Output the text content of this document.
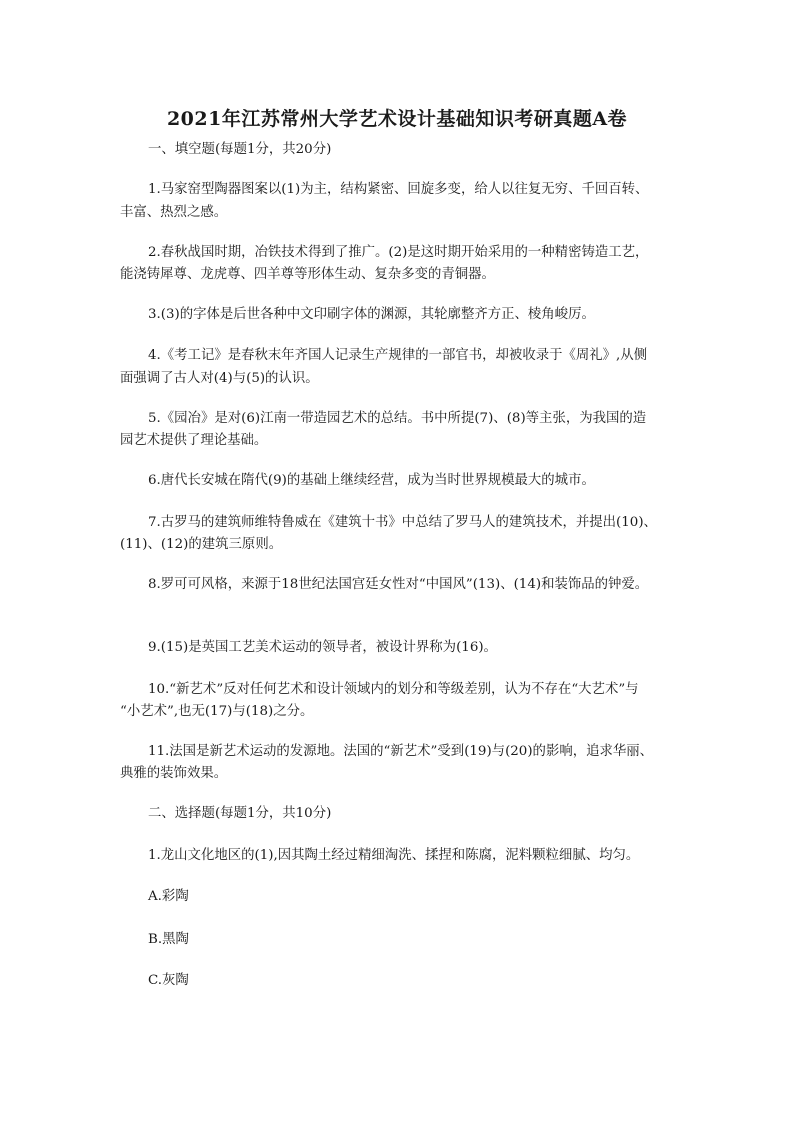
2021年江苏常州大学艺术设计基础知识考研真题A卷
一、填空题(每题1分，共20分)
1.马家窑型陶器图案以(1)为主，结构紧密、回旋多变，给人以往复无穷、千回百转、
丰富、热烈之感。
2.春秋战国时期，冶铁技术得到了推广。(2)是这时期开始采用的一种精密铸造工艺，
能浇铸犀尊、龙虎尊、四羊尊等形体生动、复杂多变的青铜器。
3.(3)的字体是后世各种中文印刷字体的渊源，其轮廓整齐方正、棱角峻厉。
4.《考工记》是春秋末年齐国人记录生产规律的一部官书，却被收录于《周礼》,从侧
面强调了古人对(4)与(5)的认识。
5.《园冶》是对(6)江南一带造园艺术的总结。书中所提(7)、(8)等主张，为我国的造
园艺术提供了理论基础。
6.唐代长安城在隋代(9)的基础上继续经营，成为当时世界规模最大的城市。
7.古罗马的建筑师维特鲁威在《建筑十书》中总结了罗马人的建筑技术，并提出(10)、
(11)、(12)的建筑三原则。
8.罗可可风格，来源于18世纪法国宫廷女性对“中国风”(13)、(14)和装饰品的钟爱。
9.(15)是英国工艺美术运动的领导者，被设计界称为(16)。
10.“新艺术”反对任何艺术和设计领域内的划分和等级差别，认为不存在“大艺术”与
“小艺术”,也无(17)与(18)之分。
11.法国是新艺术运动的发源地。法国的“新艺术”受到(19)与(20)的影响，追求华丽、
典雅的装饰效果。
二、选择题(每题1分，共10分)
1.龙山文化地区的(1),因其陶土经过精细淘洗、揉捏和陈腐，泥料颗粒细腻、均匀。
A.彩陶
B.黑陶
C.灰陶
